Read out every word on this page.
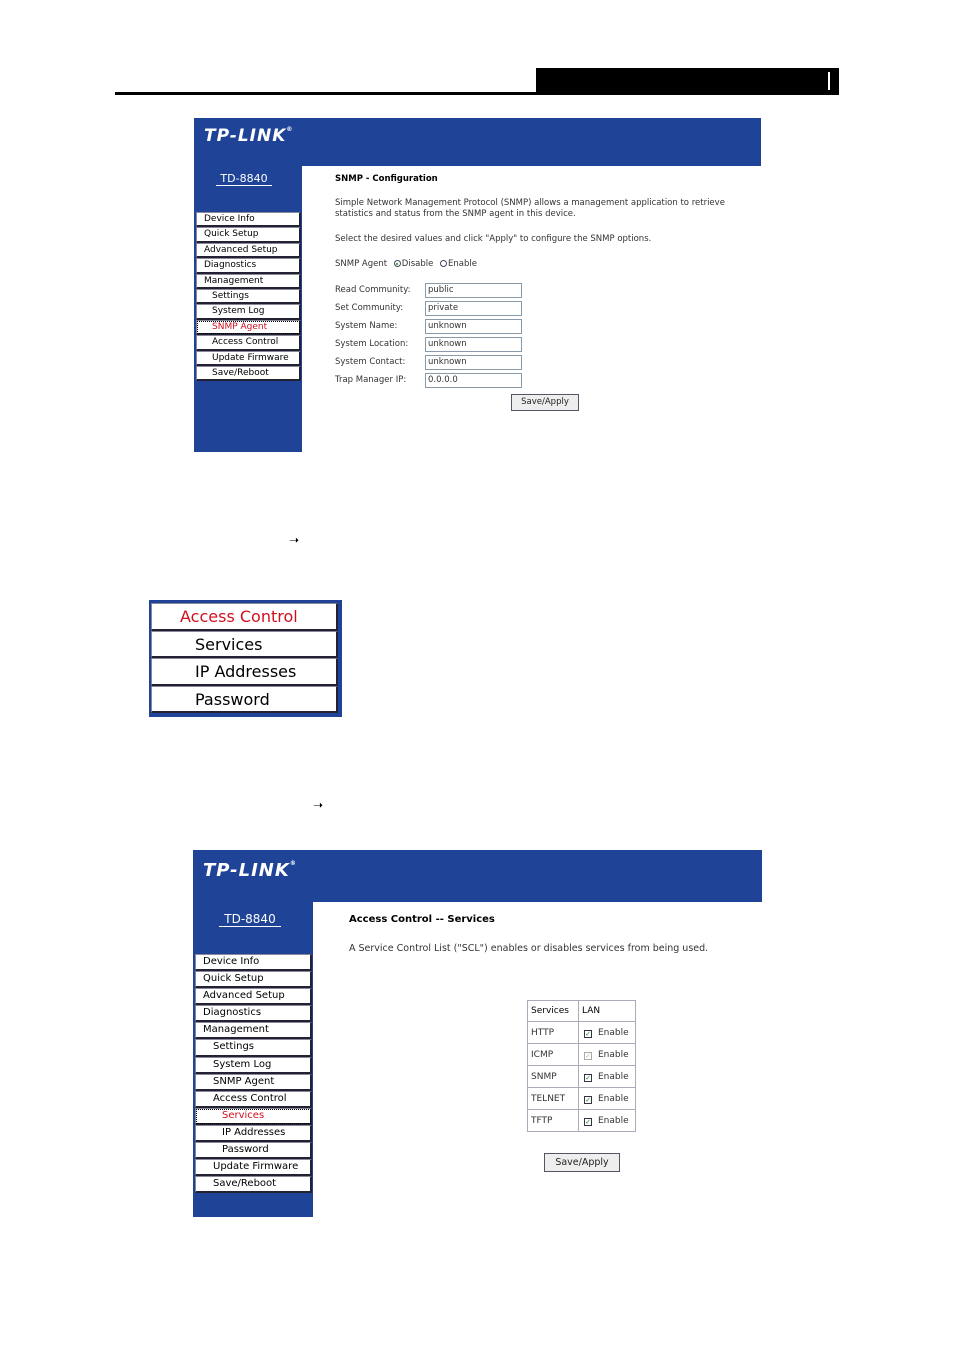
TP-LINK®
TD-8840
Device Info
Quick Setup
Advanced Setup
Diagnostics
Management
Settings
System Log
SNMP Agent
Access Control
Update Firmware
Save/Reboot
SNMP - Configuration

Simple Network Management Protocol (SNMP) allows a management application to retrieve statistics and status from the SNMP agent in this device.

Select the desired values and click "Apply" to configure the SNMP options.

SNMP Agent Disable Enable
Read Community:	public
Set Community:	private
System Name:	unknown
System Location:	unknown
System Contact:	unknown
Trap Manager IP:	0.0.0.0
Save/Apply
➝
Access Control
Services
IP Addresses
Password
➝
TP-LINK®
TD-8840
Device Info
Quick Setup
Advanced Setup
Diagnostics
Management
Settings
System Log
SNMP Agent
Access Control
Services
IP Addresses
Password
Update Firmware
Save/Reboot
Access Control -- Services

A Service Control List ("SCL") enables or disables services from being used.

Services	LAN
HTTP	✓ Enable
ICMP	✓ Enable
SNMP	✓ Enable
TELNET	✓ Enable
TFTP	✓ Enable
Save/Apply
